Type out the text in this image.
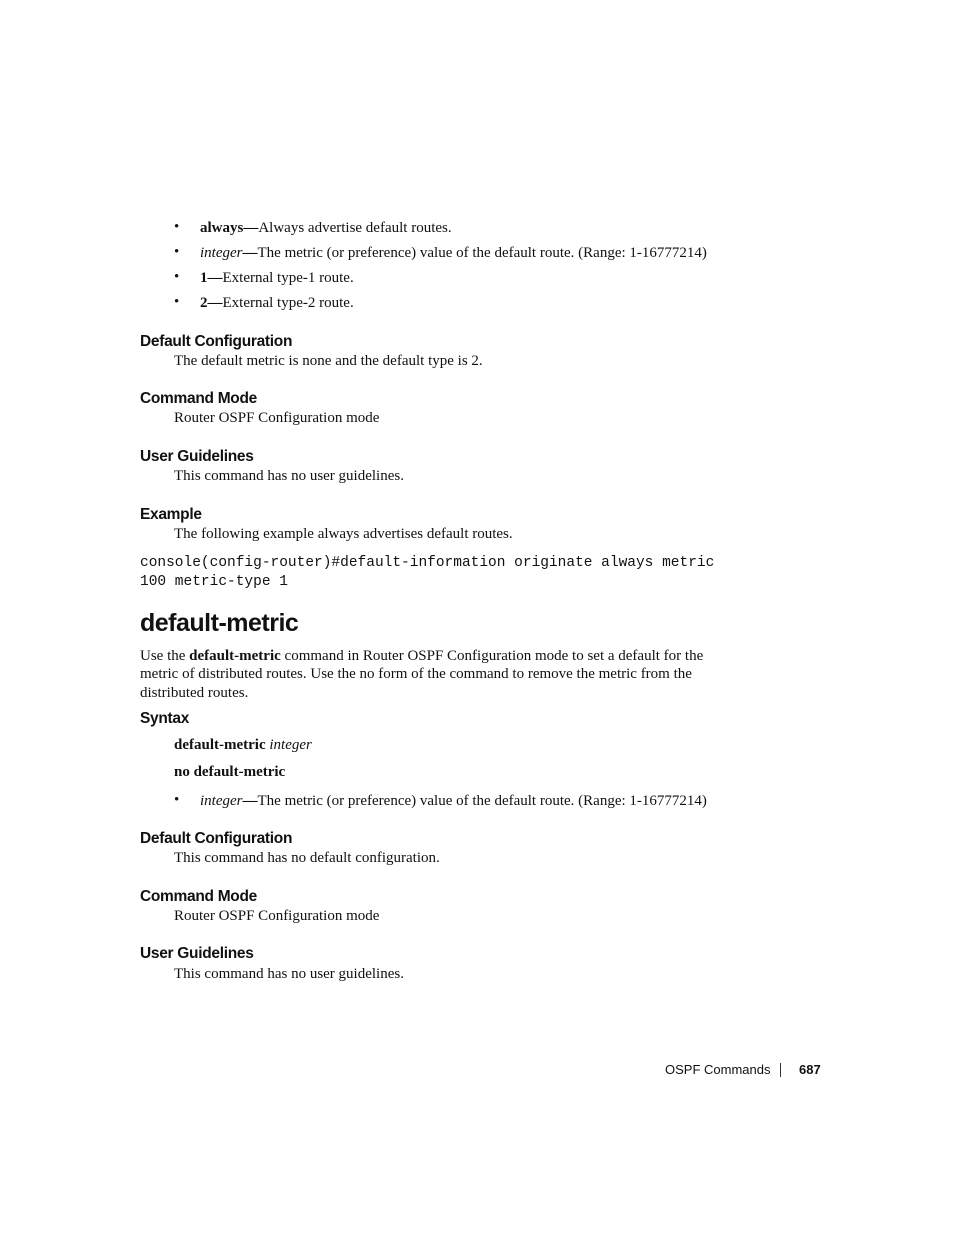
• always—Always advertise default routes.
• integer—The metric (or preference) value of the default route. (Range: 1-16777214)
• 1—External type-1 route.
• 2—External type-2 route.
Default Configuration
The default metric is none and the default type is 2.
Command Mode
Router OSPF Configuration mode
User Guidelines
This command has no user guidelines.
Example
The following example always advertises default routes.
console(config-router)#default-information originate always metric
100 metric-type 1
default-metric
Use the default-metric command in Router OSPF Configuration mode to set a default for the
metric of distributed routes. Use the no form of the command to remove the metric from the
distributed routes.
Syntax
default-metric integer
no default-metric
• integer—The metric (or preference) value of the default route. (Range: 1-16777214)
Default Configuration
This command has no default configuration.
Command Mode
Router OSPF Configuration mode
User Guidelines
This command has no user guidelines.
OSPF Commands 687
